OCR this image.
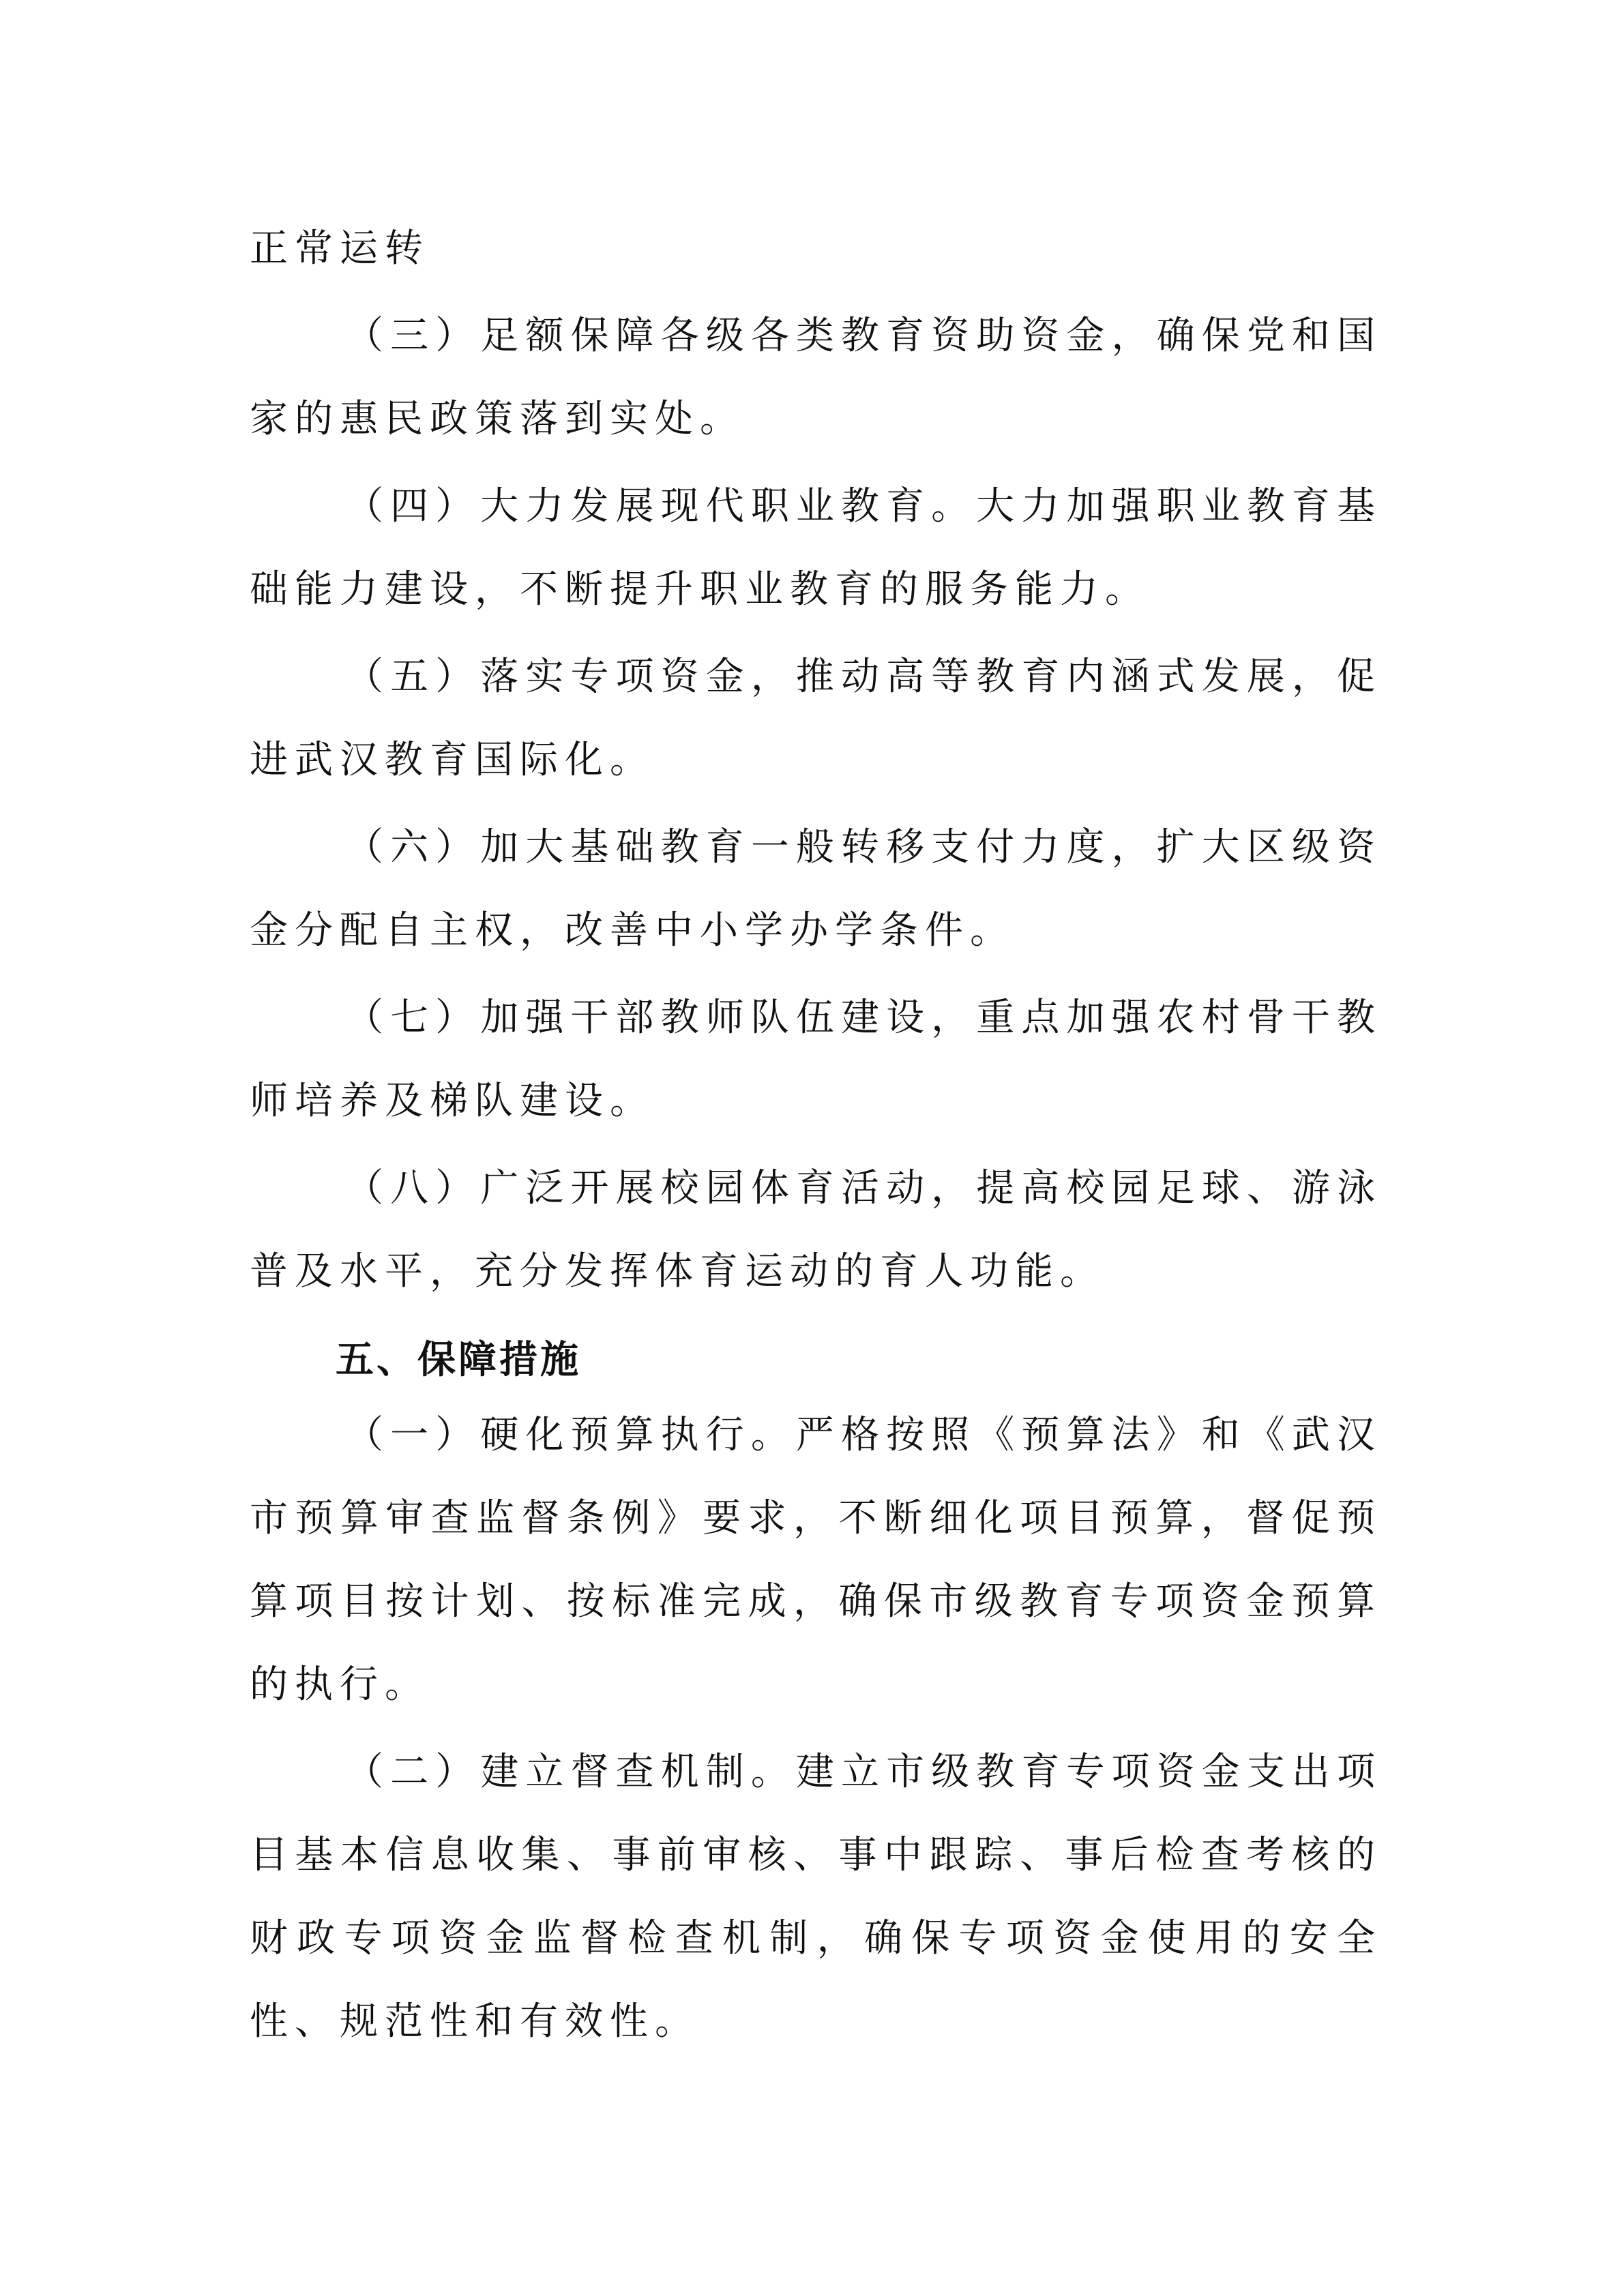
正常运转

（三）足额保障各级各类教育资助资金，确保党和国家的惠民政策落到实处。

（四）大力发展现代职业教育。大力加强职业教育基础能力建设，不断提升职业教育的服务能力。

（五）落实专项资金，推动高等教育内涵式发展，促进武汉教育国际化。

（六）加大基础教育一般转移支付力度，扩大区级资金分配自主权，改善中小学办学条件。

（七）加强干部教师队伍建设，重点加强农村骨干教师培养及梯队建设。

（八）广泛开展校园体育活动，提高校园足球、游泳普及水平，充分发挥体育运动的育人功能。

五、保障措施

（一）硬化预算执行。严格按照《预算法》和《武汉市预算审查监督条例》要求，不断细化项目预算，督促预算项目按计划、按标准完成，确保市级教育专项资金预算的执行。

（二）建立督查机制。建立市级教育专项资金支出项目基本信息收集、事前审核、事中跟踪、事后检查考核的财政专项资金监督检查机制，确保专项资金使用的安全性、规范性和有效性。
